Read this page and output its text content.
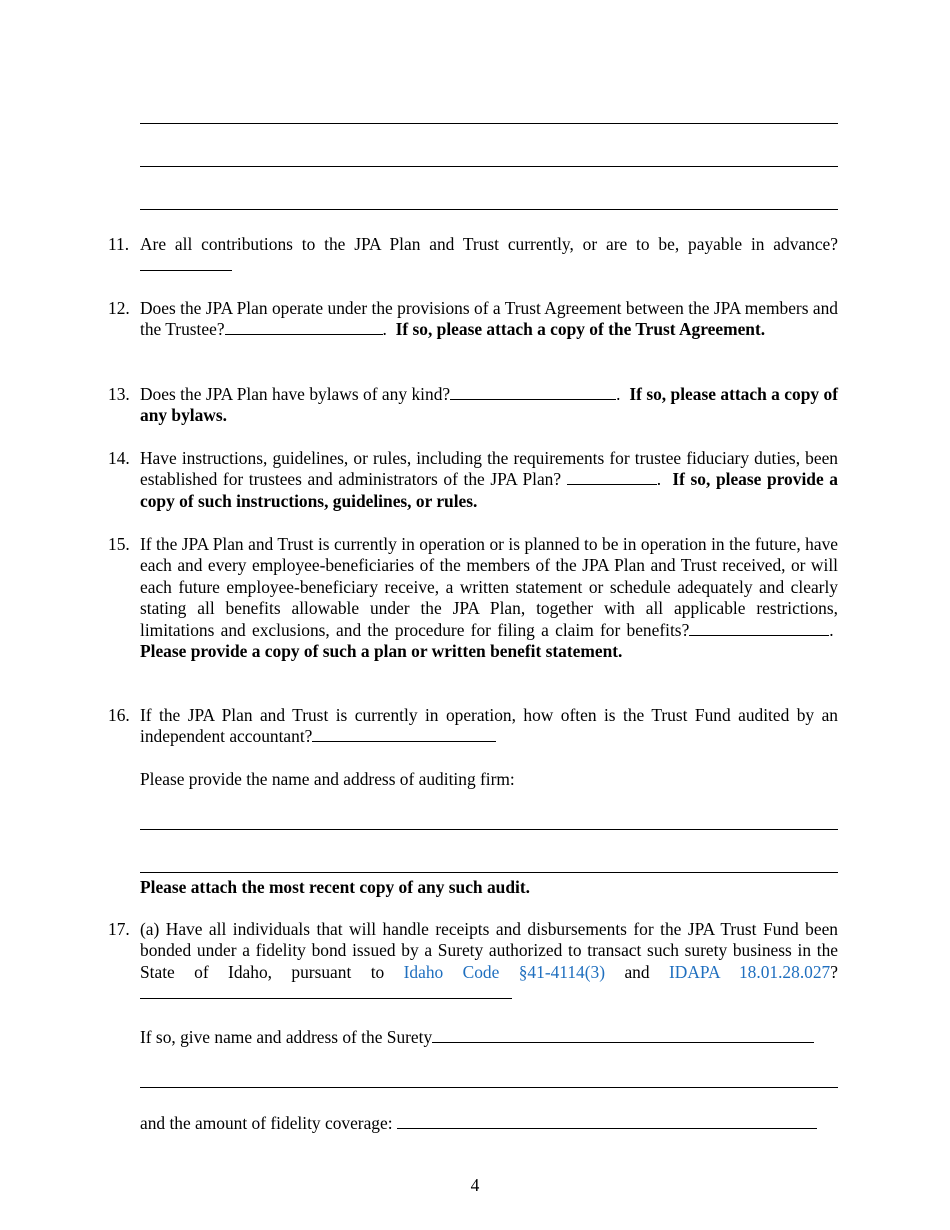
11. Are all contributions to the JPA Plan and Trust currently, or are to be, payable in advance?
12. Does the JPA Plan operate under the provisions of a Trust Agreement between the JPA members and the Trustee?	.  If so, please attach a copy of the Trust Agreement.
13. Does the JPA Plan have bylaws of any kind?	.  If so, please attach a copy of any bylaws.
14. Have instructions, guidelines, or rules, including the requirements for trustee fiduciary duties, been established for trustees and administrators of the JPA Plan?	.  If so, please provide a copy of such instructions, guidelines, or rules.
15. If the JPA Plan and Trust is currently in operation or is planned to be in operation in the future, have each and every employee-beneficiaries of the members of the JPA Plan and Trust received, or will each future employee-beneficiary receive, a written statement or schedule adequately and clearly stating all benefits allowable under the JPA Plan, together with all applicable restrictions, limitations and exclusions, and the procedure for filing a claim for benefits?	.  Please provide a copy of such a plan or written benefit statement.
16. If the JPA Plan and Trust is currently in operation, how often is the Trust Fund audited by an independent accountant?
Please provide the name and address of auditing firm:
Please attach the most recent copy of any such audit.
17. (a) Have all individuals that will handle receipts and disbursements for the JPA Trust Fund been bonded under a fidelity bond issued by a Surety authorized to transact such surety business in the State of Idaho, pursuant to Idaho Code §41-4114(3) and IDAPA 18.01.28.027?
If so, give name and address of the Surety
and the amount of fidelity coverage:
4
